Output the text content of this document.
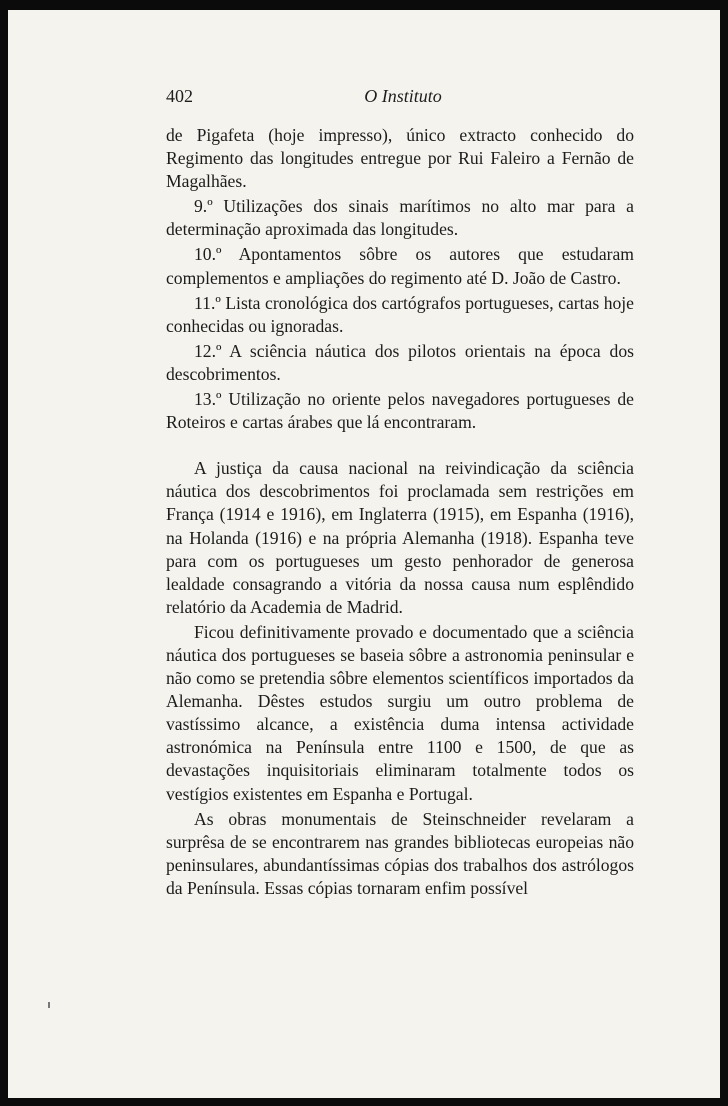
402	O Instituto

de Pigafeta (hoje impresso), único extracto conhecido do Regimento das longitudes entregue por Rui Faleiro a Fernão de Magalhães.

9.º Utilizações dos sinais marítimos no alto mar para a determinação aproximada das longitudes.

10.º Apontamentos sôbre os autores que estudaram complementos e ampliações do regimento até D. João de Castro.

11.º Lista cronológica dos cartógrafos portugueses, cartas hoje conhecidas ou ignoradas.

12.º A sciência náutica dos pilotos orientais na época dos descobrimentos.

13.º Utilização no oriente pelos navegadores portugueses de Roteiros e cartas árabes que lá encontraram.

A justiça da causa nacional na reivindicação da sciência náutica dos descobrimentos foi proclamada sem restrições em França (1914 e 1916), em Inglaterra (1915), em Espanha (1916), na Holanda (1916) e na própria Alemanha (1918). Espanha teve para com os portugueses um gesto penhorador de generosa lealdade consagrando a vitória da nossa causa num esplêndido relatório da Academia de Madrid.

Ficou definitivamente provado e documentado que a sciência náutica dos portugueses se baseia sôbre a astronomia peninsular e não como se pretendia sôbre elementos scientíficos importados da Alemanha. Dêstes estudos surgiu um outro problema de vastíssimo alcance, a existência duma intensa actividade astronómica na Península entre 1100 e 1500, de que as devastações inquisitoriais eliminaram totalmente todos os vestígios existentes em Espanha e Portugal.

As obras monumentais de Steinschneider revelaram a surprêsa de se encontrarem nas grandes bibliotecas europeias não peninsulares, abundantíssimas cópias dos trabalhos dos astrólogos da Península. Essas cópias tornaram enfim possível
